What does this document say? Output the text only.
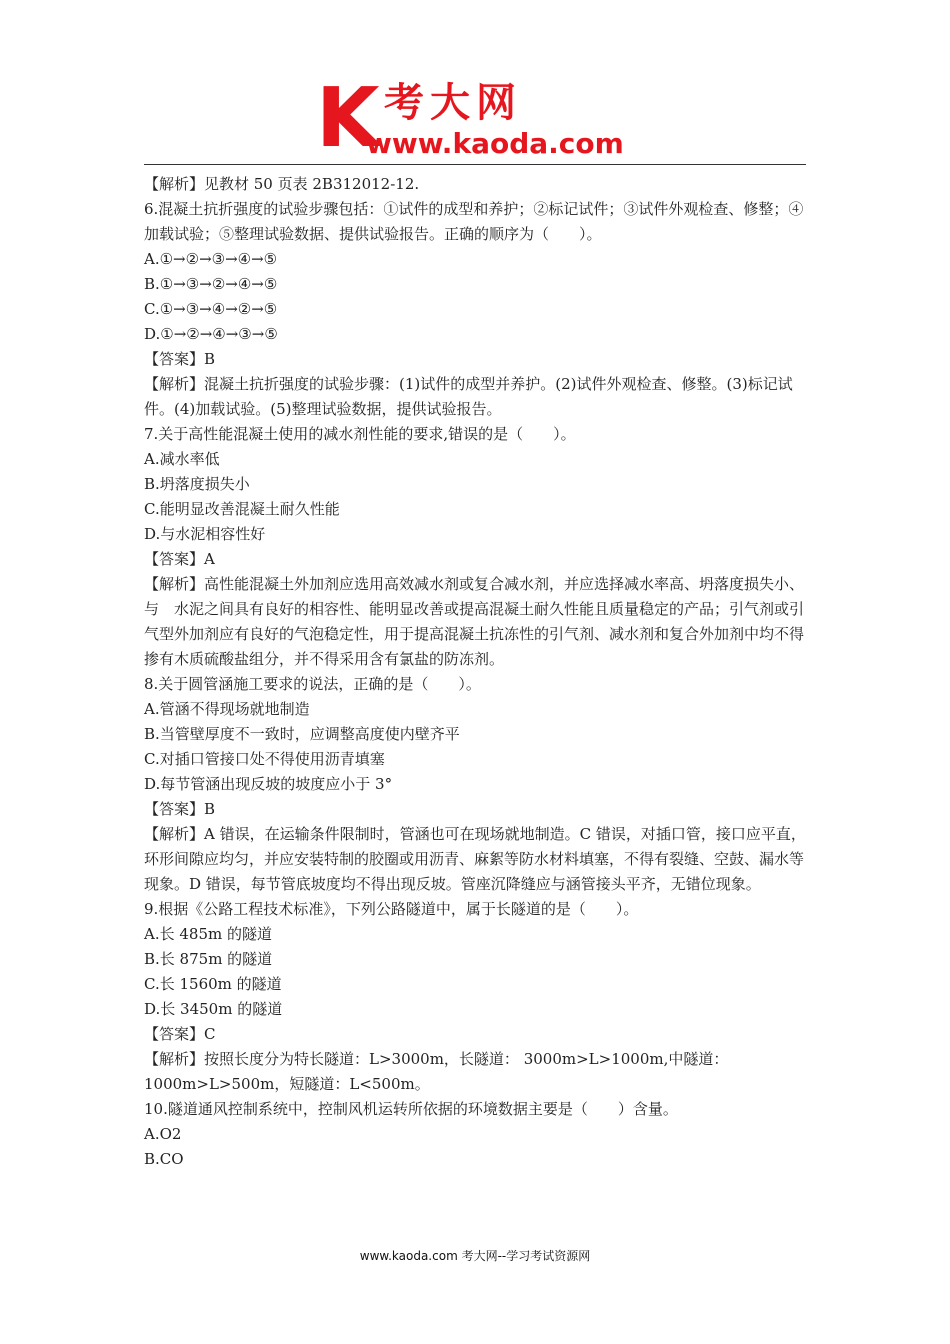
K 考大网
www.kaoda.com

【解析】见教材 50 页表 2B312012-12.

6.混凝土抗折强度的试验步骤包括：①试件的成型和养护；②标记试件；③试件外观检查、修整；④加载试验；⑤整理试验数据、提供试验报告。正确的顺序为（　　）。

A.①→②→③→④→⑤

B.①→③→②→④→⑤

C.①→③→④→②→⑤

D.①→②→④→③→⑤

【答案】B

【解析】混凝土抗折强度的试验步骤：(1)试件的成型并养护。(2)试件外观检查、修整。(3)标记试件。(4)加载试验。(5)整理试验数据，提供试验报告。

7.关于高性能混凝土使用的减水剂性能的要求,错误的是（　　）。

A.减水率低

B.坍落度损失小

C.能明显改善混凝土耐久性能

D.与水泥相容性好

【答案】A

【解析】高性能混凝土外加剂应选用高效减水剂或复合减水剂，并应选择减水率高、坍落度损失小、与　水泥之间具有良好的相容性、能明显改善或提高混凝土耐久性能且质量稳定的产品；引气剂或引气型外加剂应有良好的气泡稳定性，用于提高混凝土抗冻性的引气剂、减水剂和复合外加剂中均不得掺有木质硫酸盐组分，并不得采用含有氯盐的防冻剂。

8.关于圆管涵施工要求的说法，正确的是（　　）。

A.管涵不得现场就地制造

B.当管壁厚度不一致时，应调整高度使内壁齐平

C.对插口管接口处不得使用沥青填塞

D.每节管涵出现反坡的坡度应小于 3°

【答案】B

【解析】A 错误，在运输条件限制时，管涵也可在现场就地制造。C 错误，对插口管，接口应平直，环形间隙应均匀，并应安装特制的胶圈或用沥青、麻絮等防水材料填塞，不得有裂缝、空鼓、漏水等现象。D 错误，每节管底坡度均不得出现反坡。管座沉降缝应与涵管接头平齐，无错位现象。

9.根据《公路工程技术标准》，下列公路隧道中，属于长隧道的是（　　）。

A.长 485m 的隧道

B.长 875m 的隧道

C.长 1560m 的隧道

D.长 3450m 的隧道

【答案】C

【解析】按照长度分为特长隧道：L>3000m，长隧道： 3000m>L>1000m,中隧道：1000m>L>500m，短隧道：L<500m。

10.隧道通风控制系统中，控制风机运转所依据的环境数据主要是（　　）含量。

A.O2

B.CO

www.kaoda.com 考大网--学习考试资源网
